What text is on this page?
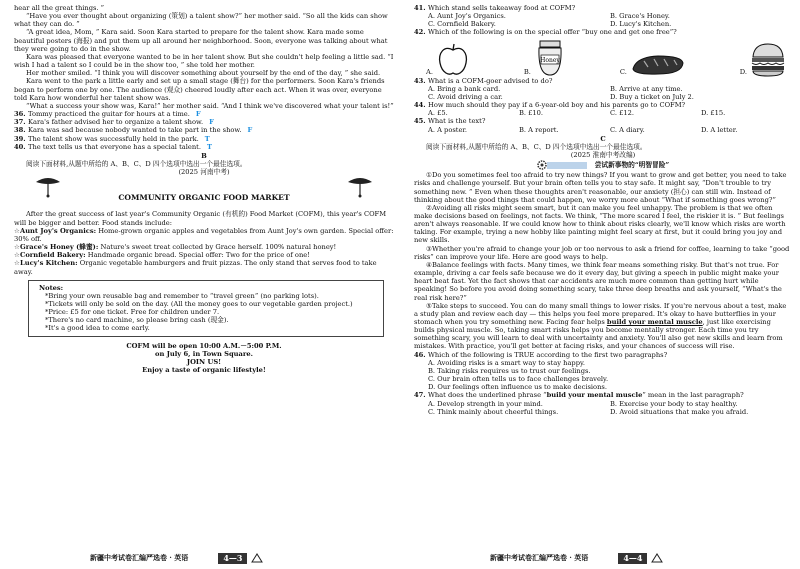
hear all the great things. ”

“Have you ever thought about organizing (策划) a talent show?” her mother said. “So all the kids can show what they can do. ”

“A great idea, Mom, ” Kara said. Soon Kara started to prepare for the talent show. Kara made some beautiful posters (海报) and put them up all around her neighborhood. Soon, everyone was talking about what they were going to do in the show.

Kara was pleased that everyone wanted to be in her talent show. But she couldn't help feeling a little sad. “I wish I had a talent so I could be in the show too, ” she told her mother.

Her mother smiled. “I think you will discover something about yourself by the end of the day, ” she said.

Kara went to the park a little early and set up a small stage (舞台) for the performers. Soon Kara's friends began to perform one by one. The audience (观众) cheered loudly after each act. When it was over, everyone told Kara how wonderful her talent show was.

“What a success your show was, Kara!” her mother said. “And I think we've discovered what your talent is!”

36. Tommy practiced the guitar for hours at a time. F
37. Kara's father advised her to organize a talent show. F
38. Kara was sad because nobody wanted to take part in the show. F
39. The talent show was successfully held in the park. T
40. The text tells us that everyone has a special talent. T

B

阅读下面材料,从题中所给的 A、B、C、D 四个选项中选出一个最佳选项。

(2025 河南中考)

COMMUNITY ORGANIC FOOD MARKET

After the great success of last year's Community Organic (有机的) Food Market (COFM), this year's COFM will be bigger and better. Food stands include:

☆Aunt Joy's Organics: Home-grown organic apples and vegetables from Aunt Joy's own garden. Special offer: 30% off.

☆Grace's Honey (蜂蜜): Nature's sweet treat collected by Grace herself. 100% natural honey!

☆Cornfield Bakery: Handmade organic bread. Special offer: Two for the price of one!

☆Lucy's Kitchen: Organic vegetable hamburgers and fruit pizzas. The only stand that serves food to take away.

Notes:

*Bring your own reusable bag and remember to “travel green” (no parking lots).

*Tickets will only be sold on the day. (All the money goes to our vegetable garden project.)

*Price: £5 for one ticket. Free for children under 7.

*There's no card machine, so please bring cash (现金).

*It's a good idea to come early.

COFM will be open 10:00 A.M.－5:00 P.M.

on July 6, in Town Square.

JOIN US!

Enjoy a taste of organic lifestyle!

新疆中考试卷汇编严选卷 · 英语	4—3
41. Which stand sells takeaway food at COFM?
A. Aunt Joy's Organics.	B. Grace's Honey.
C. Cornfield Bakery.	D. Lucy's Kitchen.
42. Which of the following is on the special offer “buy one and get one free”?
A.	B.
Honey
C.	D.
43. What is a COFM-goer advised to do?
A. Bring a bank card.	B. Arrive at any time.
C. Avoid driving a car.	D. Buy a ticket on July 2.
44. How much should they pay if a 6-year-old boy and his parents go to COFM?
A. £5.	B. £10.	C. £12.	D. £15.
45. What is the text?
A. A poster.	B. A report.	C. A diary.	D. A letter.

C

阅读下面材料,从题中所给的 A、B、C、D 四个选项中选出一个最佳选项。

(2025 淮南中考改编)

尝试新事物的“明智冒险”

①Do you sometimes feel too afraid to try new things? If you want to grow and get better, you need to take risks and challenge yourself. But your brain often tells you to stay safe. It might say, “Don't trouble to try something new. ” Even when these thoughts aren't reasonable, our anxiety (担心) can still win. Instead of thinking about the good things that could happen, we worry more about “What if something goes wrong?”

②Avoiding all risks might seem smart, but it can make you feel unhappy. The problem is that we often make decisions based on feelings, not facts. We think, “The more scared I feel, the riskier it is. ” But feelings aren't always reasonable. If we could know how to think about risks clearly, we'll know which risks are worth taking. For example, trying a new hobby like painting might feel scary at first, but it could bring you joy and new skills.

③Whether you're afraid to change your job or too nervous to ask a friend for coffee, learning to take “good risks” can improve your life. Here are good ways to help.

④Balance feelings with facts. Many times, we think fear means something risky. But that's not true. For example, driving a car feels safe because we do it every day, but giving a speech in public might make your heart beat fast. Yet the fact shows that car accidents are much more common than getting hurt while speaking! So before you avoid doing something scary, take three deep breaths and ask yourself, “What's the real risk here?”

⑤Take steps to succeed. You can do many small things to lower risks. If you're nervous about a test, make a study plan and review each day — this helps you feel more prepared. It's okay to have butterflies in your stomach when you try something new. Facing fear helps build your mental muscle, just like exercising builds physical muscle. So, taking smart risks helps you become mentally stronger. Each time you try something scary, you will learn to deal with uncertainty and anxiety. You'll also get new skills and learn from mistakes. With practice, you'll get better at facing risks, and your chances of success will rise.

46. Which of the following is TRUE according to the first two paragraphs?

A. Avoiding risks is a smart way to stay happy.

B. Taking risks requires us to trust our feelings.

C. Our brain often tells us to face challenges bravely.

D. Our feelings often influence us to make decisions.

47. What does the underlined phrase “build your mental muscle” mean in the last paragraph?
A. Develop strength in your mind.	B. Exercise your body to stay healthy.
C. Think mainly about cheerful things.	D. Avoid situations that make you afraid.
新疆中考试卷汇编严选卷 · 英语	4—4
